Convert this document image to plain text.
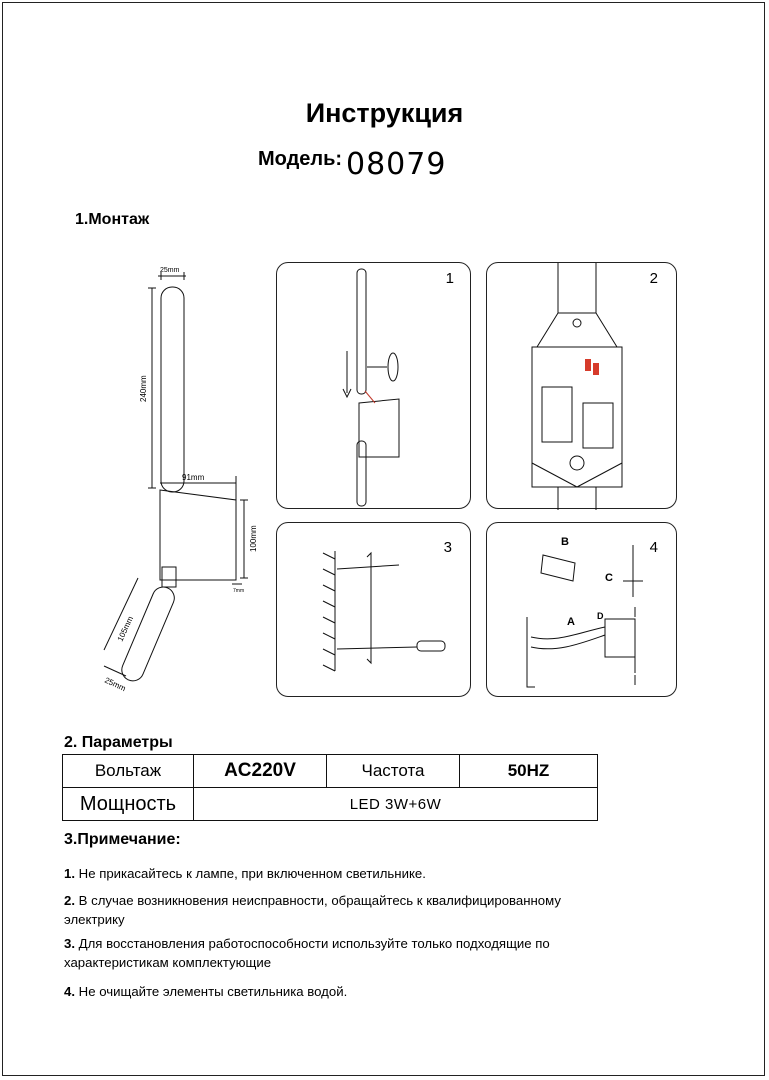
Инструкция
Модель: 08079
1.Монтаж
25mm
240mm
91mm
100mm
7mm
105mm
25mm
1	2
3	4
B
C
A D
2. Параметры
Вольтаж	AC220V	Частота	50HZ
Мощность	LED 3W+6W		
3.Примечание:
1. Не прикасайтесь к лампе, при включенном светильнике.
2. В случае возникновения неисправности, обращайтесь к квалифицированному электрику
3. Для восстановления работоспособности используйте только подходящие по характеристикам комплектующие
4. Не очищайте элементы светильника водой.
